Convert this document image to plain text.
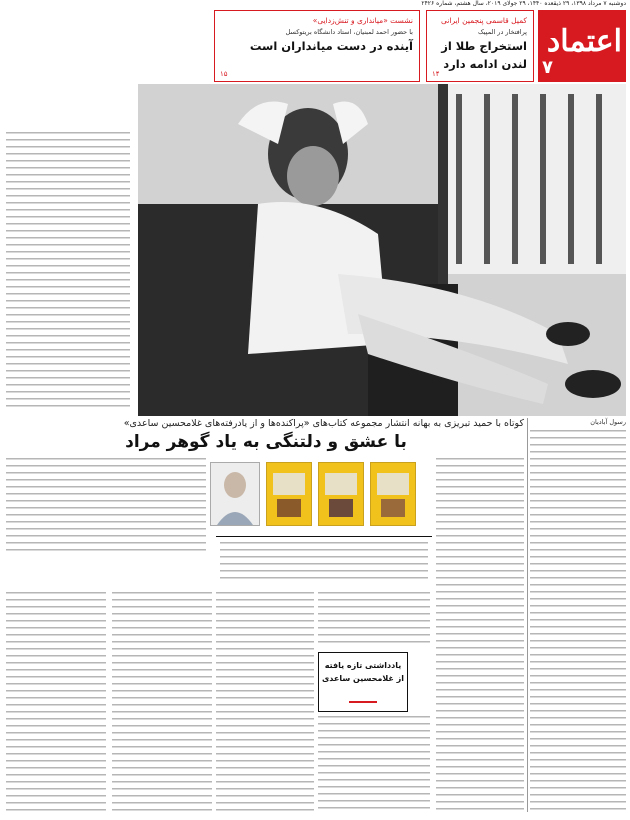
دوشنبه ۷ مرداد ۱۳۹۸، ۲۹ ذیقعده ۱۴۴۰، ۲۹ جولای ۲۰۱۹، سال هشتم، شماره ۲۴۲۶
اعتماد
۷
کمیل قاسمی پنجمین ایرانی
پرافتخار در المپیک
استخراج طلا از لندن ادامه دارد
۱۴
نشست «میانداری و تنش‌زدایی»
با حضور احمد لمبنیان، استاد دانشگاه بریتوکسل
آینده در دست میانداران است
۱۵
کوتاه با حمید تبریزی به بهانه انتشار مجموعه کتاب‌های «پراکنده‌ها و از یادرفته‌های غلامحسین ساعدی»
با عشق و دلتنگی به یاد گوهر مراد
رسول آبادیان
یادداشتی تازه یافته
از غلامحسین ساعدی
